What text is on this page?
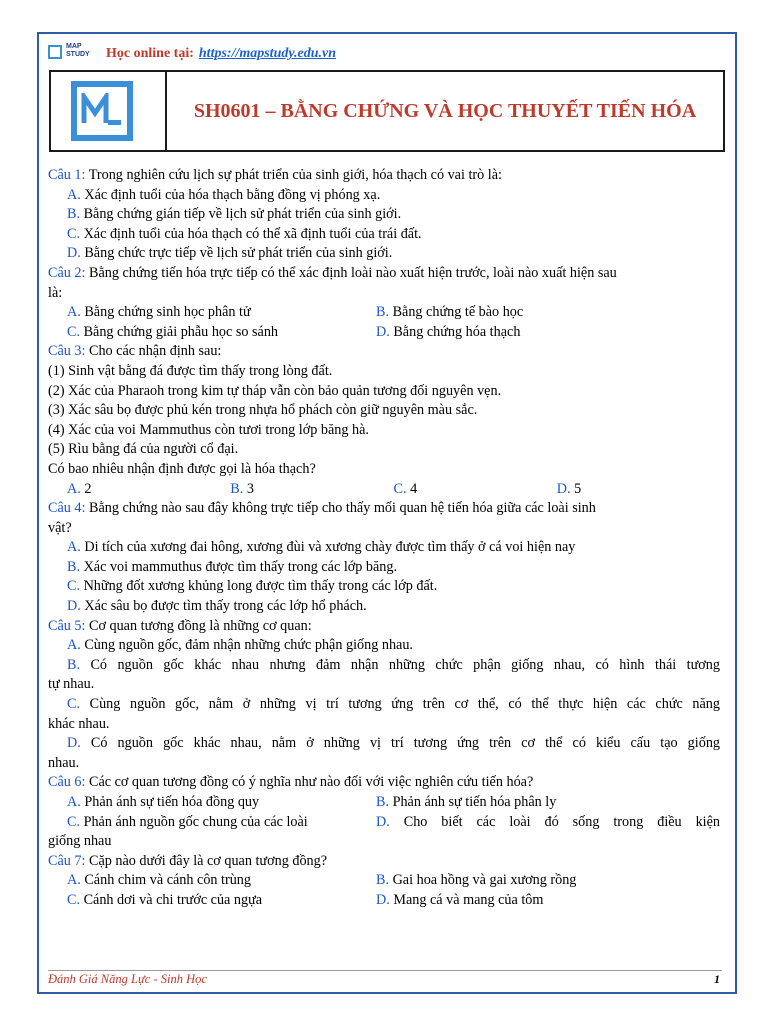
MAP STUDY Học online tại: https://mapstudy.edu.vn
SH0601 – BẰNG CHỨNG VÀ HỌC THUYẾT TIẾN HÓA
Câu 1: Trong nghiên cứu lịch sự phát triển của sinh giới, hóa thạch có vai trò là:
A. Xác định tuổi của hóa thạch bằng đồng vị phóng xạ.
B. Bằng chứng gián tiếp về lịch sử phát triển của sinh giới.
C. Xác định tuổi của hóa thạch có thể xã định tuổi của trái đất.
D. Bằng chức trực tiếp về lịch sử phát triển của sinh giới.
Câu 2: Bằng chứng tiến hóa trực tiếp có thể xác định loài nào xuất hiện trước, loài nào xuất hiện sau
là:
A. Bằng chứng sinh học phân tử	B. Bằng chứng tế bào học
C. Bằng chứng giải phẫu học so sánh	D. Bằng chứng hóa thạch
Câu 3: Cho các nhận định sau:
(1) Sinh vật bằng đá được tìm thấy trong lòng đất.
(2) Xác của Pharaoh trong kim tự tháp vẫn còn bảo quản tương đối nguyên vẹn.
(3) Xác sâu bọ được phủ kén trong nhựa hổ phách còn giữ nguyên màu sắc.
(4) Xác của voi Mammuthus còn tươi trong lớp băng hà.
(5) Rìu bằng đá của người cổ đại.
Có bao nhiêu nhận định được gọi là hóa thạch?
A. 2	B. 3	C. 4	D. 5
Câu 4: Bằng chứng nào sau đây không trực tiếp cho thấy mối quan hệ tiến hóa giữa các loài sinh
vật?
A. Di tích của xương đai hông, xương đùi và xương chày được tìm thấy ở cá voi hiện nay
B. Xác voi mammuthus được tìm thấy trong các lớp băng.
C. Những đốt xương khủng long được tìm thấy trong các lớp đất.
D. Xác sâu bọ được tìm thấy trong các lớp hổ phách.
Câu 5: Cơ quan tương đồng là những cơ quan:
A. Cùng nguồn gốc, đảm nhận những chức phận giống nhau.
B. Có nguồn gốc khác nhau nhưng đảm nhận những chức phận giống nhau, có hình thái tương
tự nhau.
C. Cùng nguồn gốc, nằm ở những vị trí tương ứng trên cơ thể, có thể thực hiện các chức năng
khác nhau.
D. Có nguồn gốc khác nhau, nằm ở những vị trí tương ứng trên cơ thể có kiểu cấu tạo giống
nhau.
Câu 6: Các cơ quan tương đồng có ý nghĩa như nào đối với việc nghiên cứu tiến hóa?
A. Phản ánh sự tiến hóa đồng quy	B. Phản ánh sự tiến hóa phân ly
C. Phản ánh nguồn gốc chung của các loài	D. Cho biết các loài đó sống trong điều kiện
giống nhau
Câu 7: Cặp nào dưới đây là cơ quan tương đồng?
A. Cánh chim và cánh côn trùng	B. Gai hoa hồng và gai xương rồng
C. Cánh dơi và chi trước của ngựa	D. Mang cá và mang của tôm
Đánh Giá Năng Lực - Sinh Học	1
